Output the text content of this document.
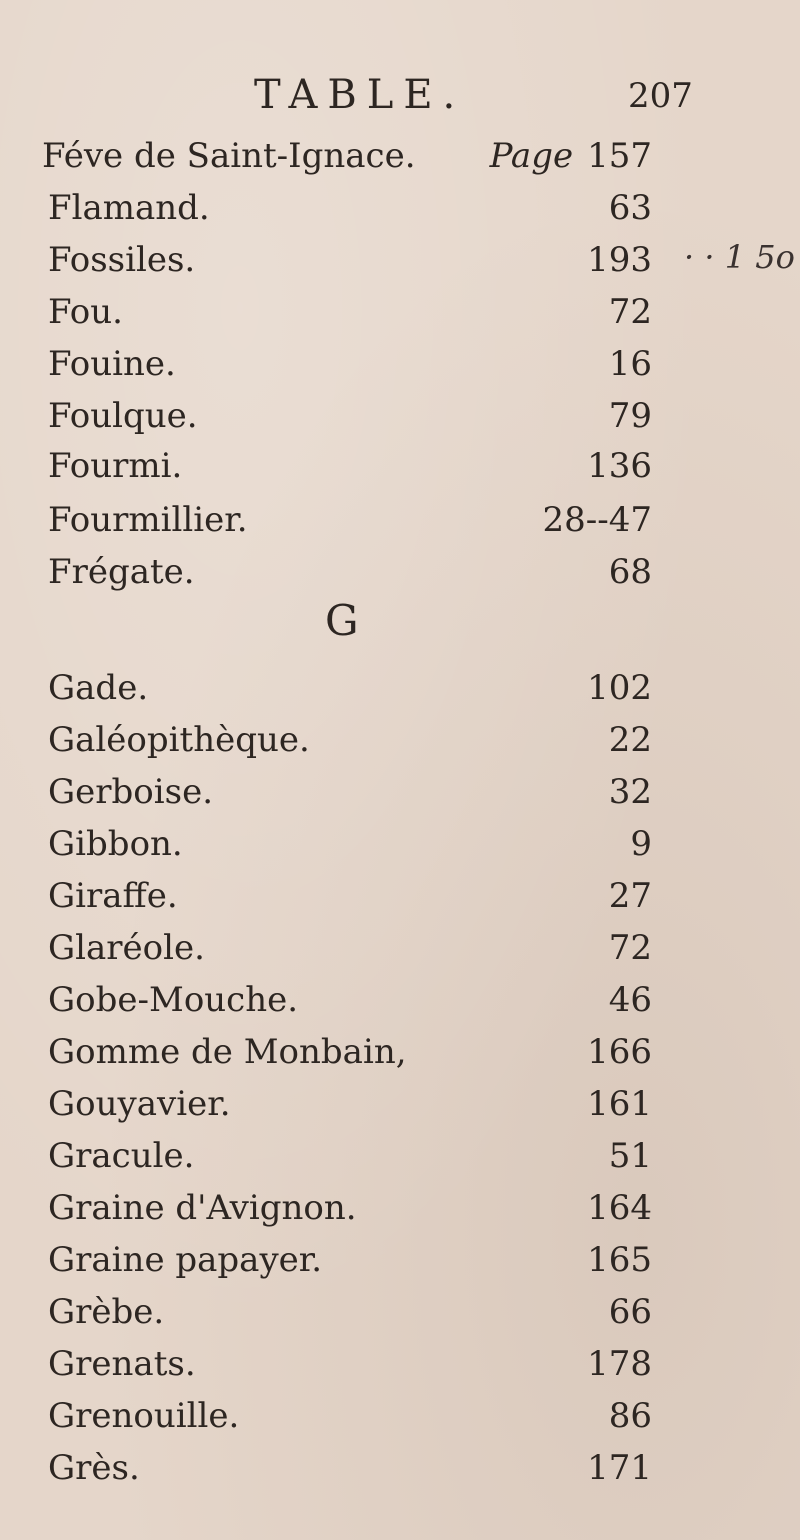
TABLE.	207
Féve de Saint-Ignace. Page 157
Flamand.	63
Fossiles.	193
Fou.	72
Fouine.	16
Foulque.	79
Fourmi.	136
Fourmillier.	28--47
Frégate.	68
G
Gade.	102
Galéopithèque.	22
Gerboise.	32
Gibbon.	9
Giraffe.	27
Glaréole.	72
Gobe-Mouche.	46
Gomme de Monbain,	166
Gouyavier.	161
Gracule.	51
Graine d'Avignon.	164
Graine papayer.	165
Grèbe.	66
Grenats.	178
Grenouille.	86
Grès.	171
· · 1 5o
